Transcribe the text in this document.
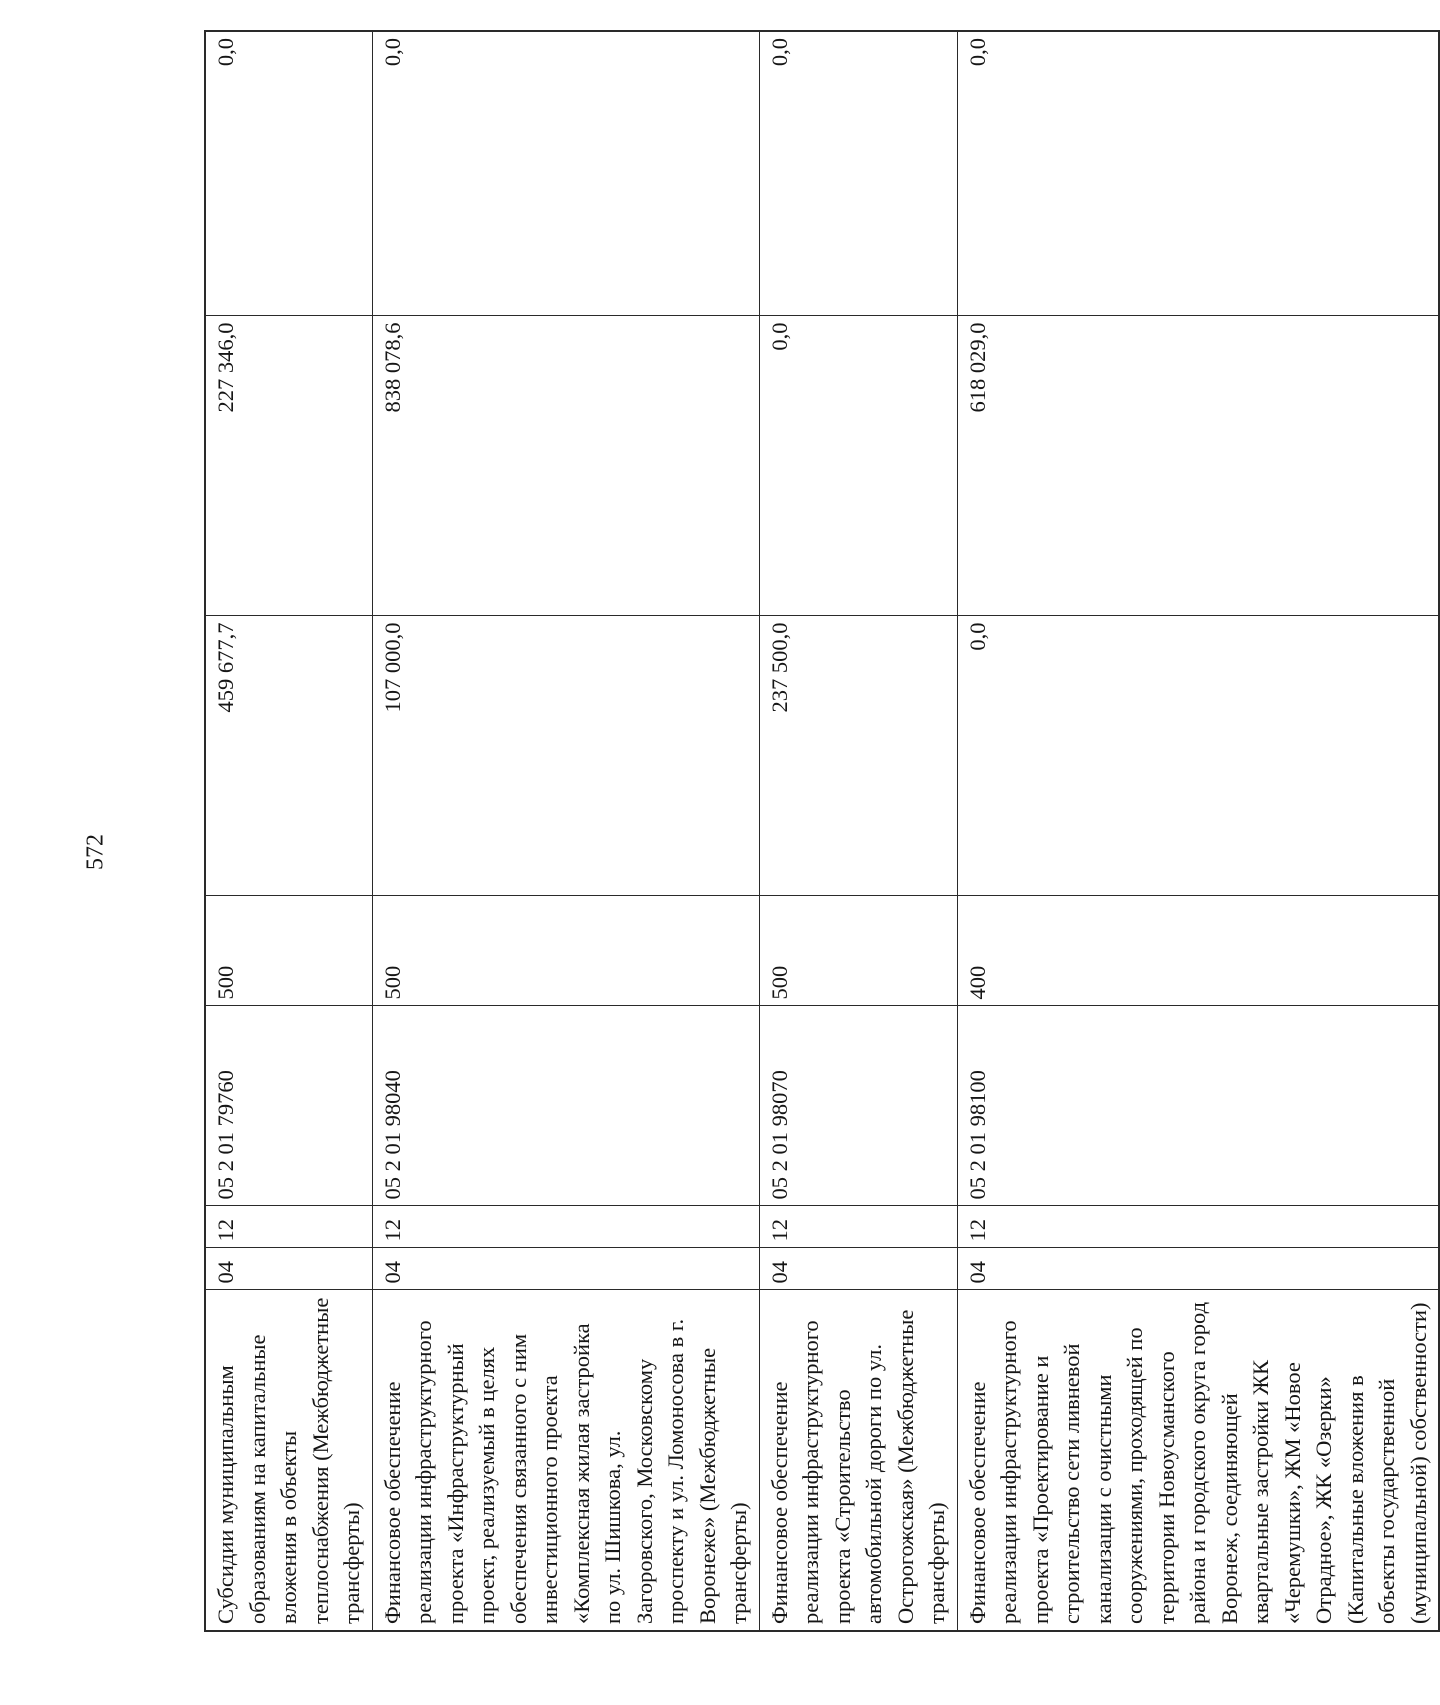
572
Субсидии муниципальным образованиям на капитальные вложения в объекты теплоснабжения (Межбюджетные трансферты)	04	12	05 2 01 79760	500	459 677,7	227 346,0	0,0
Финансовое обеспечение реализации инфраструктурного проекта «Инфраструктурный проект, реализуемый в целях обеспечения связанного с ним инвестиционного проекта «Комплексная жилая застройка по ул. Шишкова, ул. Загоровского, Московскому проспекту и ул. Ломоносова в г. Воронеже» (Межбюджетные трансферты)	04	12	05 2 01 98040	500	107 000,0	838 078,6	0,0
Финансовое обеспечение реализации инфраструктурного проекта «Строительство автомобильной дороги по ул. Острогожская» (Межбюджетные трансферты)	04	12	05 2 01 98070	500	237 500,0	0,0	0,0
Финансовое обеспечение реализации инфраструктурного проекта «Проектирование и строительство сети ливневой канализации с очистными сооружениями, проходящей по территории Новоусманского района и городского округа город Воронеж, соединяющей квартальные застройки ЖК «Черемушки», ЖМ «Новое Отрадное», ЖК «Озерки» (Капитальные вложения в объекты государственной (муниципальной) собственности)	04	12	05 2 01 98100	400	0,0	618 029,0	0,0
